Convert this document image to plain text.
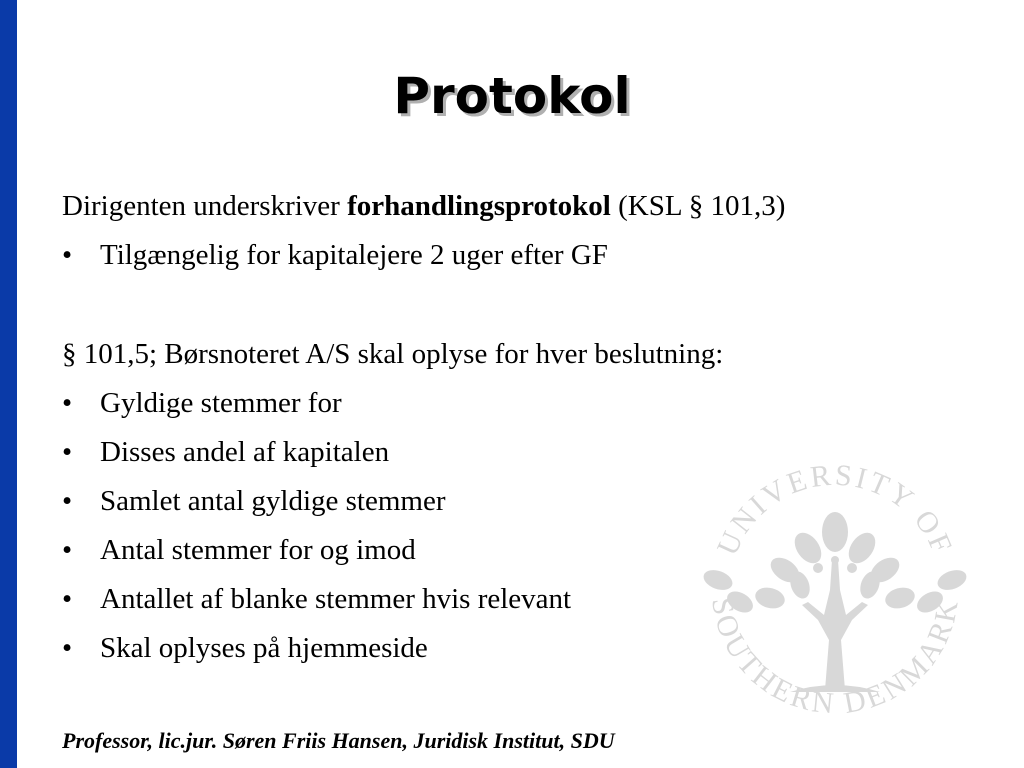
Protokol
Dirigenten underskriver forhandlingsprotokol (KSL § 101,3)
• Tilgængelig for kapitalejere 2 uger efter GF
§ 101,5; Børsnoteret A/S skal oplyse for hver beslutning:
• Gyldige stemmer for
• Disses andel af kapitalen
• Samlet antal gyldige stemmer
• Antal stemmer for og imod
• Antallet af blanke stemmer hvis relevant
• Skal oplyses på hjemmeside
UNIVERSITY OF
SOUTHERN DENMARK
Professor, lic.jur. Søren Friis Hansen, Juridisk Institut, SDU
